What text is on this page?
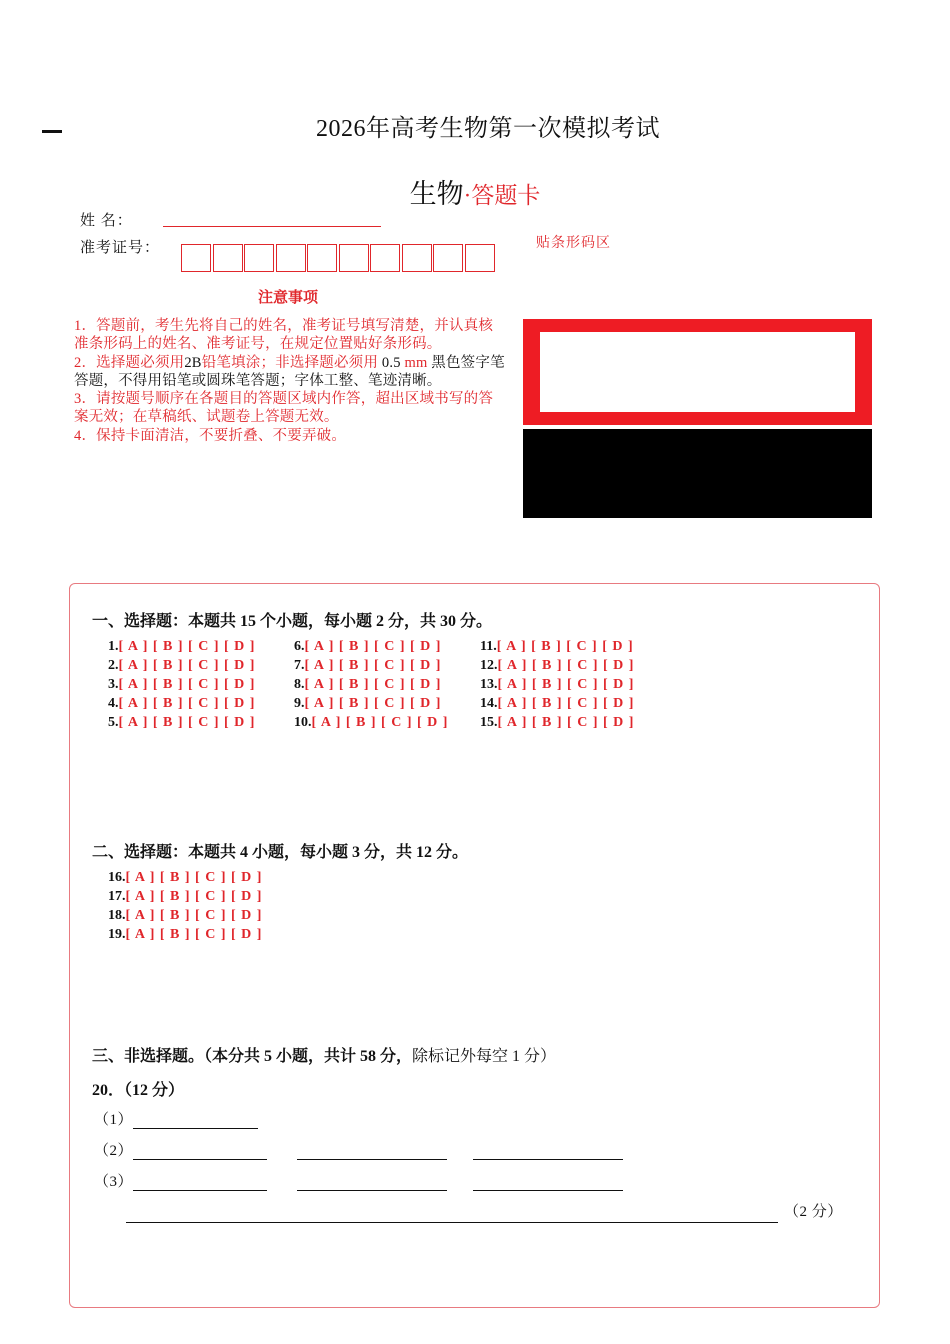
2026年高考生物第一次模拟考试
生物·答题卡
姓 名：
准考证号：
注意事项
1．答题前，考生先将自己的姓名，准考证号填写清楚，并认真核准条形码上的姓名、准考证号，在规定位置贴好条形码。
2．选择题必须用2B铅笔填涂；非选择题必须用 0.5 mm 黑色签字笔答题，不得用铅笔或圆珠笔答题；字体工整、笔迹清晰。
3．请按题号顺序在各题目的答题区域内作答，超出区域书写的答案无效；在草稿纸、试题卷上答题无效。
4．保持卡面清洁，不要折叠、不要弄破。
贴条形码区
一、选择题：本题共 15 个小题，每小题 2 分，共 30 分。
1.[ A ] [ B ] [ C ] [ D ]
2.[ A ] [ B ] [ C ] [ D ]
3.[ A ] [ B ] [ C ] [ D ]
4.[ A ] [ B ] [ C ] [ D ]
5.[ A ] [ B ] [ C ] [ D ]
6.[ A ] [ B ] [ C ] [ D ]
7.[ A ] [ B ] [ C ] [ D ]
8.[ A ] [ B ] [ C ] [ D ]
9.[ A ] [ B ] [ C ] [ D ]
10.[ A ] [ B ] [ C ] [ D ]
11.[ A ] [ B ] [ C ] [ D ]
12.[ A ] [ B ] [ C ] [ D ]
13.[ A ] [ B ] [ C ] [ D ]
14.[ A ] [ B ] [ C ] [ D ]
15.[ A ] [ B ] [ C ] [ D ]
二、选择题：本题共 4 小题，每小题 3 分，共 12 分。
16.[ A ] [ B ] [ C ] [ D ]
17.[ A ] [ B ] [ C ] [ D ]
18.[ A ] [ B ] [ C ] [ D ]
19.[ A ] [ B ] [ C ] [ D ]
三、非选择题。（本分共 5 小题，共计 58 分，除标记外每空 1 分）
20．（12 分）
（1）
（2）
（3）
（2 分）
